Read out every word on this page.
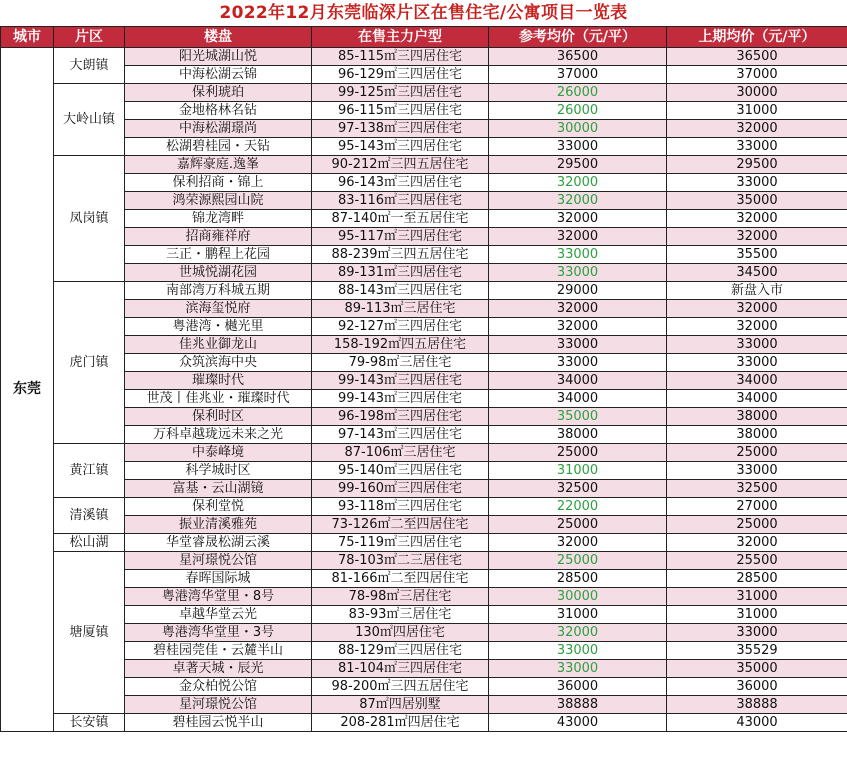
2022年12月东莞临深片区在售住宅/公寓项目一览表
城市	片区	楼盘	在售主力户型	参考均价（元/平）	上期均价（元/平）
东莞	大朗镇	阳光城湖山悦	85-115㎡三四居住宅	36500	36500
		中海松湖云锦	96-129㎡三四居住宅	37000	37000
	大岭山镇	保利琥珀	99-125㎡三四居住宅	26000	30000
		金地格林名钻	96-115㎡三四居住宅	26000	31000
		中海松湖璟尚	97-138㎡三四居住宅	30000	32000
		松湖碧桂园・天钻	95-143㎡三四居住宅	33000	33000
	凤岗镇	嘉辉豪庭.逸峯	90-212㎡三四五居住宅	29500	29500
		保利招商・锦上	96-143㎡三四居住宅	32000	33000
		鸿荣源熙园山院	83-116㎡三四居住宅	32000	35000
		锦龙湾畔	87-140㎡一至五居住宅	32000	32000
		招商雍祥府	95-117㎡三四居住宅	32000	32000
		三正・鹏程上花园	88-239㎡三四五居住宅	33000	35500
		世城悦湖花园	89-131㎡三四居住宅	33000	34500
	虎门镇	南部湾万科城五期	88-143㎡三四居住宅	29000	新盘入市
		滨海玺悦府	89-113㎡三居住宅	32000	32000
		粤港湾・樾光里	92-127㎡三四居住宅	32000	32000
		佳兆业御龙山	158-192㎡四五居住宅	33000	33000
		众筑滨海中央	79-98㎡三居住宅	33000	33000
		璀璨时代	99-143㎡三四居住宅	34000	34000
		世茂丨佳兆业・璀璨时代	99-143㎡三四居住宅	34000	34000
		保利时区	96-198㎡三四居住宅	35000	38000
		万科卓越珑远未来之光	97-143㎡三四居住宅	38000	38000
	黄江镇	中泰峰境	87-106㎡三居住宅	25000	25000
		科学城时区	95-140㎡三四居住宅	31000	33000
		富基・云山湖镜	99-160㎡三四居住宅	32500	32500
	清溪镇	保利堂悦	93-118㎡三四居住宅	22000	27000
		振业清溪雅苑	73-126㎡二至四居住宅	25000	25000
	松山湖	华堂睿晟松湖云溪	75-119㎡三四居住宅	32000	32000
	塘厦镇	星河璟悦公馆	78-103㎡二三居住宅	25000	25500
		春晖国际城	81-166㎡二至四居住宅	28500	28500
		粤港湾华堂里・8号	78-98㎡三居住宅	30000	31000
		卓越华堂云光	83-93㎡三居住宅	31000	31000
		粤港湾华堂里・3号	130㎡四居住宅	32000	33000
		碧桂园莞佳・云麓半山	88-129㎡三四居住宅	33000	35529
		卓著天城・辰光	81-104㎡三四居住宅	33000	35000
		金众柏悦公馆	98-200㎡三四五居住宅	36000	36000
		星河璟悦公馆	87㎡四居别墅	38888	38888
	长安镇	碧桂园云悦半山	208-281㎡四居住宅	43000	43000
